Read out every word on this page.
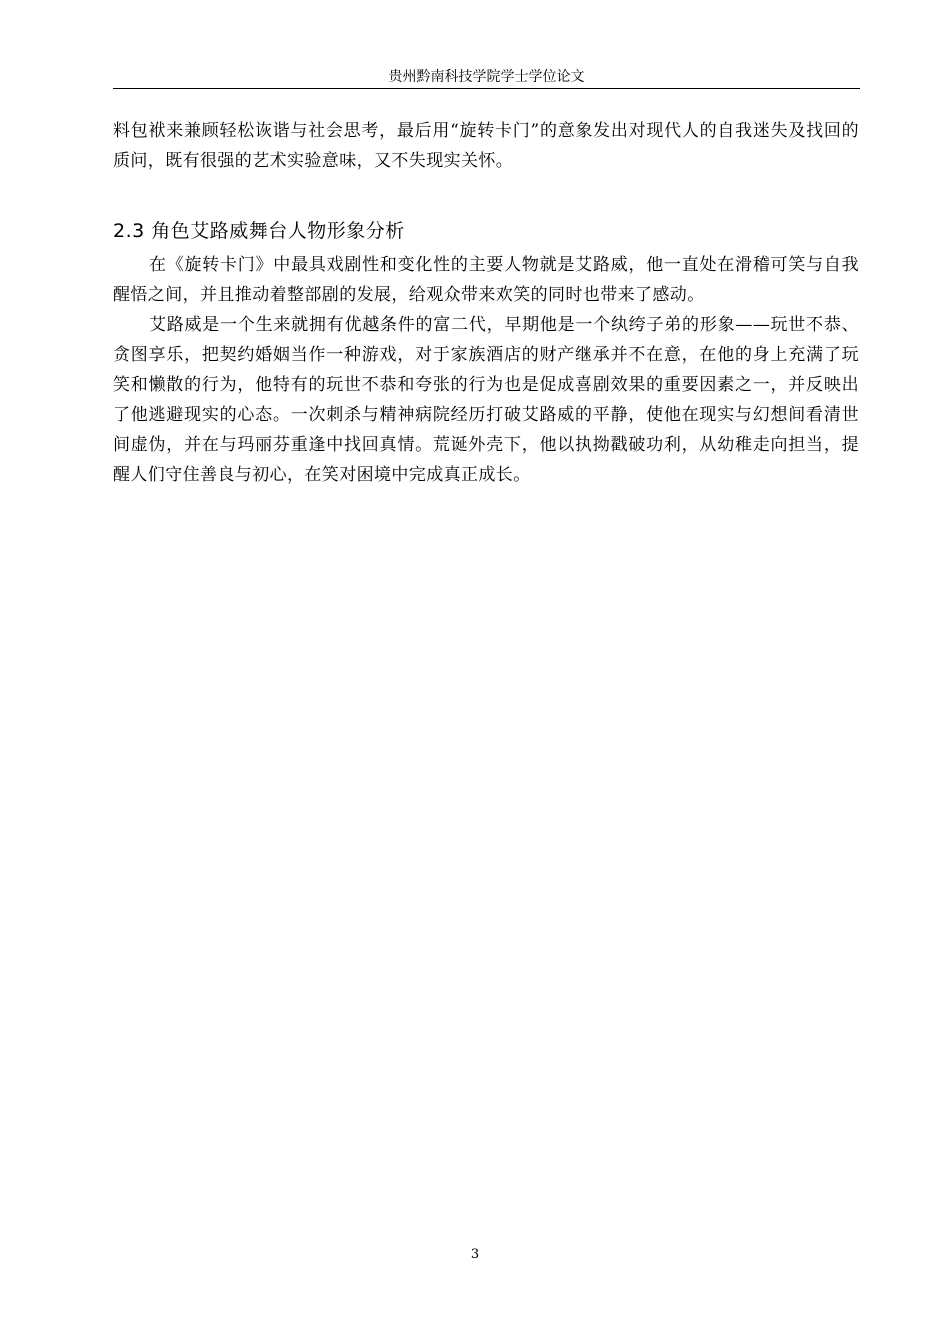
贵州黔南科技学院学士学位论文

料包袱来兼顾轻松诙谐与社会思考，最后用“旋转卡门”的意象发出对现代人的自我迷失及找回的质问，既有很强的艺术实验意味，又不失现实关怀。

2.3 角色艾路威舞台人物形象分析

在《旋转卡门》中最具戏剧性和变化性的主要人物就是艾路威，他一直处在滑稽可笑与自我醒悟之间，并且推动着整部剧的发展，给观众带来欢笑的同时也带来了感动。

艾路威是一个生来就拥有优越条件的富二代，早期他是一个纨绔子弟的形象——玩世不恭、贪图享乐，把契约婚姻当作一种游戏，对于家族酒店的财产继承并不在意，在他的身上充满了玩笑和懒散的行为，他特有的玩世不恭和夸张的行为也是促成喜剧效果的重要因素之一，并反映出了他逃避现实的心态。一次刺杀与精神病院经历打破艾路威的平静，使他在现实与幻想间看清世间虚伪，并在与玛丽芬重逢中找回真情。荒诞外壳下，他以执拗戳破功利，从幼稚走向担当，提醒人们守住善良与初心，在笑对困境中完成真正成长。

3
